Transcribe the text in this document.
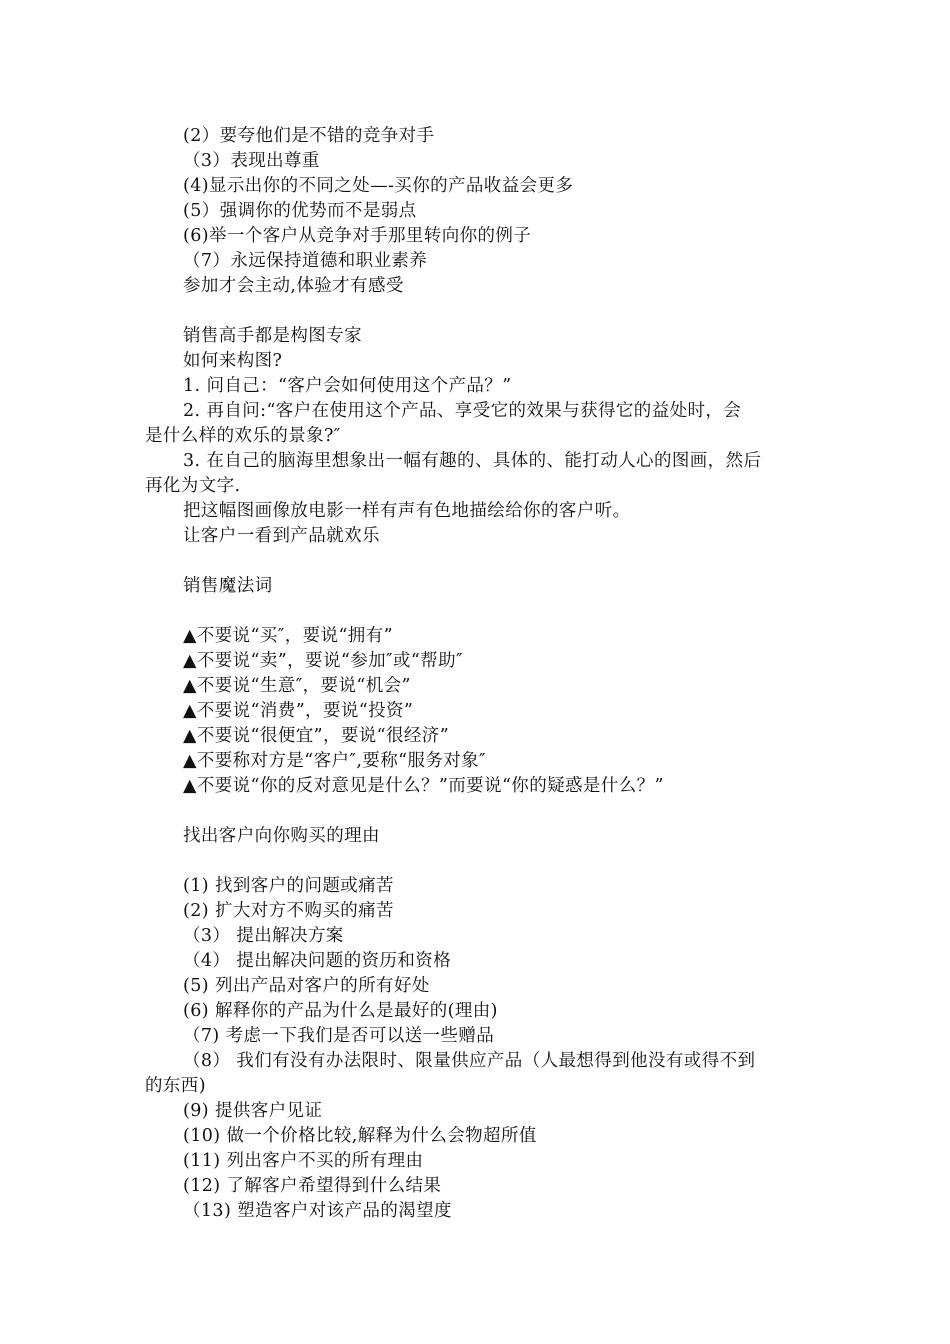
(2）要夸他们是不错的竞争对手
（3）表现出尊重
(4)显示出你的不同之处—-买你的产品收益会更多
(5）强调你的优势而不是弱点
(6)举一个客户从竞争对手那里转向你的例子
（7）永远保持道德和职业素养
参加才会主动,体验才有感受
销售高手都是构图专家
如何来构图?
1. 问自己：“客户会如何使用这个产品？”
2. 再自问:“客户在使用这个产品、享受它的效果与获得它的益处时，会
是什么样的欢乐的景象?″
3. 在自己的脑海里想象出一幅有趣的、具体的、能打动人心的图画，然后
再化为文字.
把这幅图画像放电影一样有声有色地描绘给你的客户听。
让客户一看到产品就欢乐
销售魔法词
▲不要说“买″，要说“拥有”
▲不要说“卖”，要说“参加″或“帮助″
▲不要说“生意″，要说“机会”
▲不要说“消费”，要说“投资”
▲不要说“很便宜”，要说“很经济”
▲不要称对方是“客户″,要称“服务对象″
▲不要说“你的反对意见是什么？”而要说“你的疑惑是什么？”
找出客户向你购买的理由
(1) 找到客户的问题或痛苦
(2) 扩大对方不购买的痛苦
（3） 提出解决方案
（4） 提出解决问题的资历和资格
(5) 列出产品对客户的所有好处
(6) 解释你的产品为什么是最好的(理由)
（7) 考虑一下我们是否可以送一些赠品
（8） 我们有没有办法限时、限量供应产品（人最想得到他没有或得不到
的东西)
(9) 提供客户见证
(10) 做一个价格比较,解释为什么会物超所值
(11) 列出客户不买的所有理由
(12) 了解客户希望得到什么结果
（13) 塑造客户对该产品的渴望度
